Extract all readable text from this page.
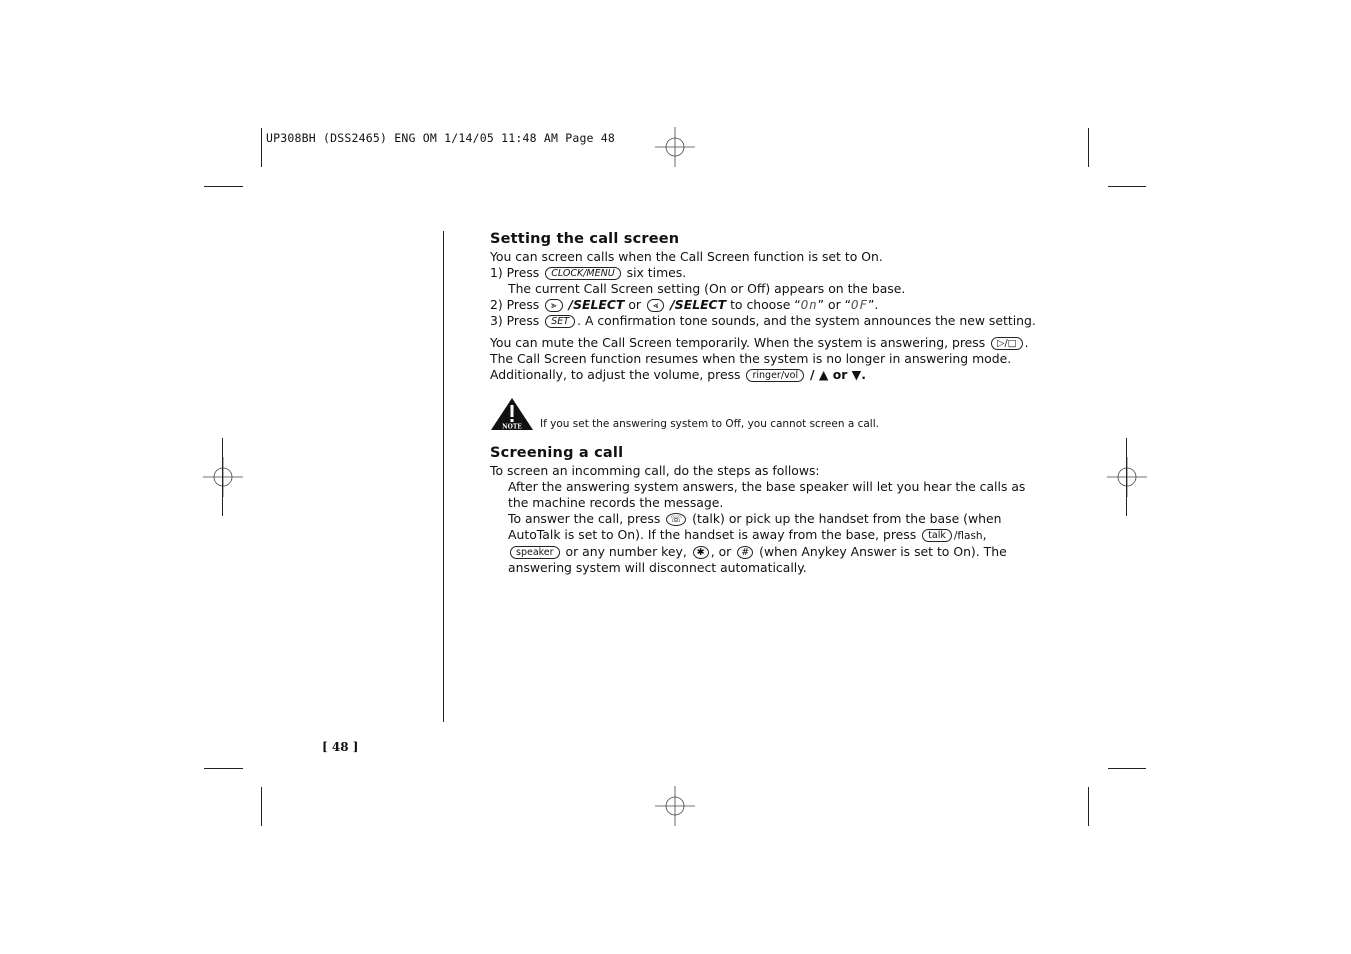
UP308BH (DSS2465) ENG OM 1/14/05 11:48 AM Page 48
Setting the call screen

You can screen calls when the Call Screen function is set to On.

1) Press CLOCK/MENU six times.

The current Call Screen setting (On or Off) appears on the base.

2) Press ⪢ /SELECT or ⪡ /SELECT to choose “On” or “OF”.

3) Press SET . A confirmation tone sounds, and the system announces the new setting.

You can mute the Call Screen temporarily. When the system is answering, press ▷/□ .

The Call Screen function resumes when the system is no longer in answering mode.

Additionally, to adjust the volume, press ringer/vol / ▲ or ▼.

NOTE If you set the answering system to Off, you cannot screen a call.
Screening a call

To screen an incomming call, do the steps as follows:

After the answering system answers, the base speaker will let you hear the calls as

the machine records the message.

To answer the call, press ☏ (talk) or pick up the handset from the base (when

AutoTalk is set to On). If the handset is away from the base, press talk /flash,

speaker or any number key, ✱ , or # (when Anykey Answer is set to On). The

answering system will disconnect automatically.

[ 48 ]
